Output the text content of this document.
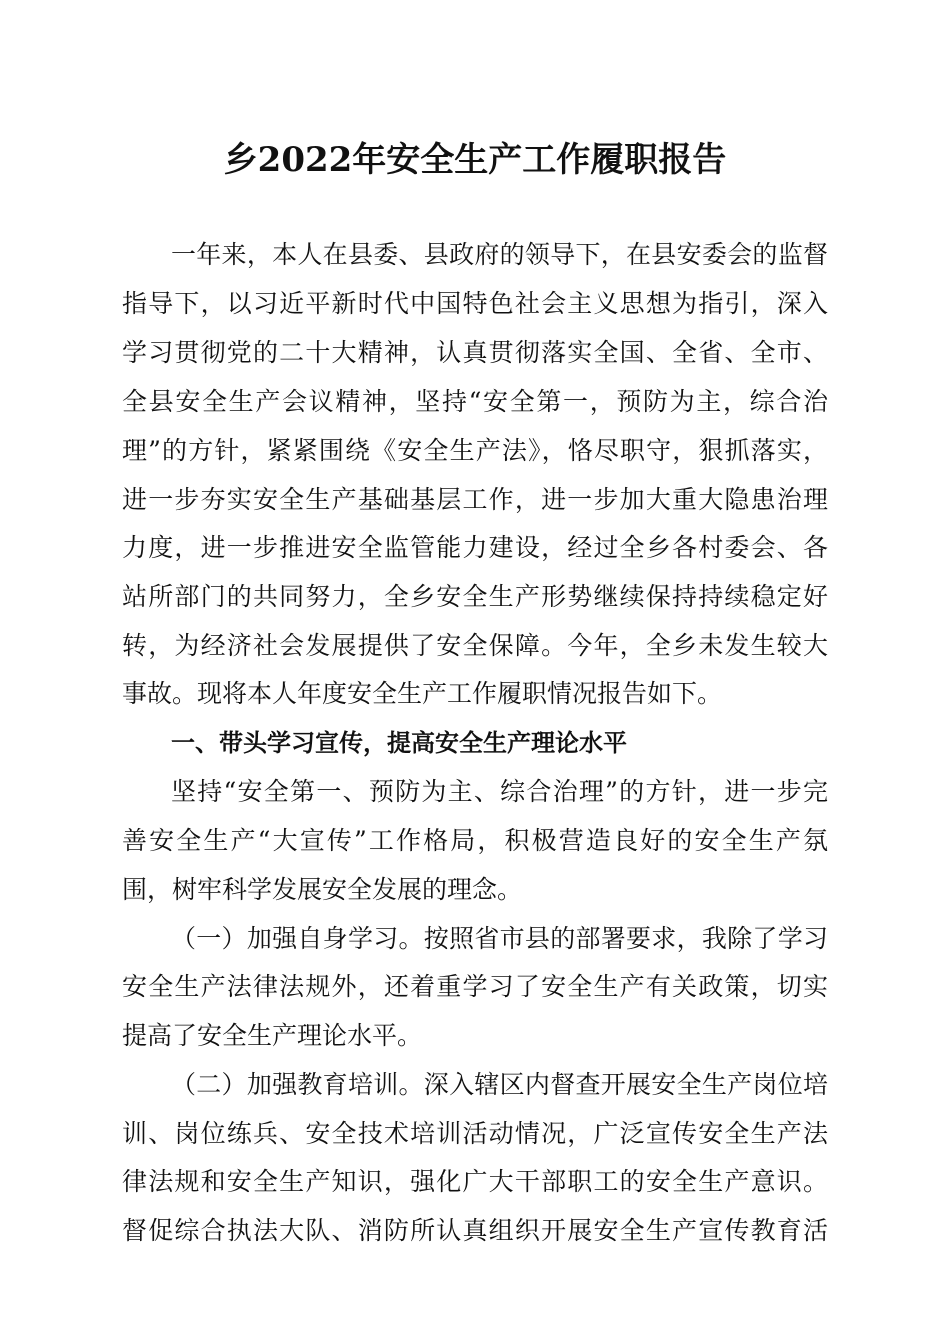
乡2022年安全生产工作履职报告
一年来，本人在县委、县政府的领导下，在县安委会的监督
指导下，以习近平新时代中国特色社会主义思想为指引，深入
学习贯彻党的二十大精神，认真贯彻落实全国、全省、全市、
全县安全生产会议精神，坚持“安全第一，预防为主，综合治
理”的方针，紧紧围绕《安全生产法》，恪尽职守，狠抓落实，
进一步夯实安全生产基础基层工作，进一步加大重大隐患治理
力度，进一步推进安全监管能力建设，经过全乡各村委会、各
站所部门的共同努力，全乡安全生产形势继续保持持续稳定好
转，为经济社会发展提供了安全保障。今年，全乡未发生较大
事故。现将本人年度安全生产工作履职情况报告如下。
一、带头学习宣传，提高安全生产理论水平
坚持“安全第一、预防为主、综合治理”的方针，进一步完
善安全生产“大宣传”工作格局，积极营造良好的安全生产氛
围，树牢科学发展安全发展的理念。
（一）加强自身学习。按照省市县的部署要求，我除了学习
安全生产法律法规外，还着重学习了安全生产有关政策，切实
提高了安全生产理论水平。
（二）加强教育培训。深入辖区内督查开展安全生产岗位培
训、岗位练兵、安全技术培训活动情况，广泛宣传安全生产法
律法规和安全生产知识，强化广大干部职工的安全生产意识。
督促综合执法大队、消防所认真组织开展安全生产宣传教育活
